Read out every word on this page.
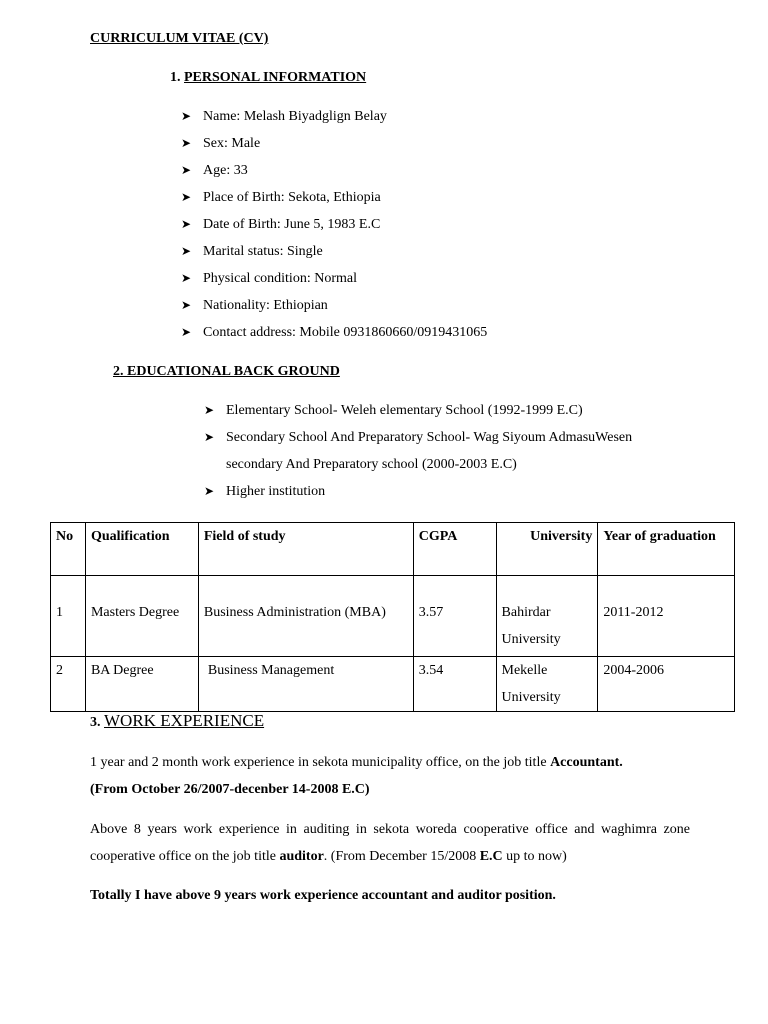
CURRICULUM VITAE (CV)
1. PERSONAL INFORMATION
➤ Name: Melash Biyadglign Belay
➤ Sex: Male
➤ Age: 33
➤ Place of Birth: Sekota, Ethiopia
➤ Date of Birth: June 5, 1983 E.C
➤ Marital status: Single
➤ Physical condition: Normal
➤ Nationality: Ethiopian
➤ Contact address: Mobile 0931860660/0919431065
2. EDUCATIONAL BACK GROUND
➤ Elementary School- Weleh elementary School (1992-1999 E.C)
➤ Secondary School And Preparatory School- Wag Siyoum AdmasuWesen
secondary And Preparatory school (2000-2003 E.C)
➤ Higher institution
No	Qualification	Field of study	CGPA	University	Year of graduation
1	Masters Degree	Business Administration (MBA)	3.57	Bahirdar University	2011-2012
2	BA Degree	Business Management	3.54	Mekelle University	2004-2006
3. WORK EXPERIENCE
1 year and 2 month work experience in sekota municipality office, on the job title Accountant.
(From October 26/2007-decenber 14-2008 E.C)
Above 8 years work experience in auditing in sekota woreda cooperative office and waghimra zone cooperative office on the job title auditor. (From December 15/2008 E.C up to now)
Totally I have above 9 years work experience accountant and auditor position.
